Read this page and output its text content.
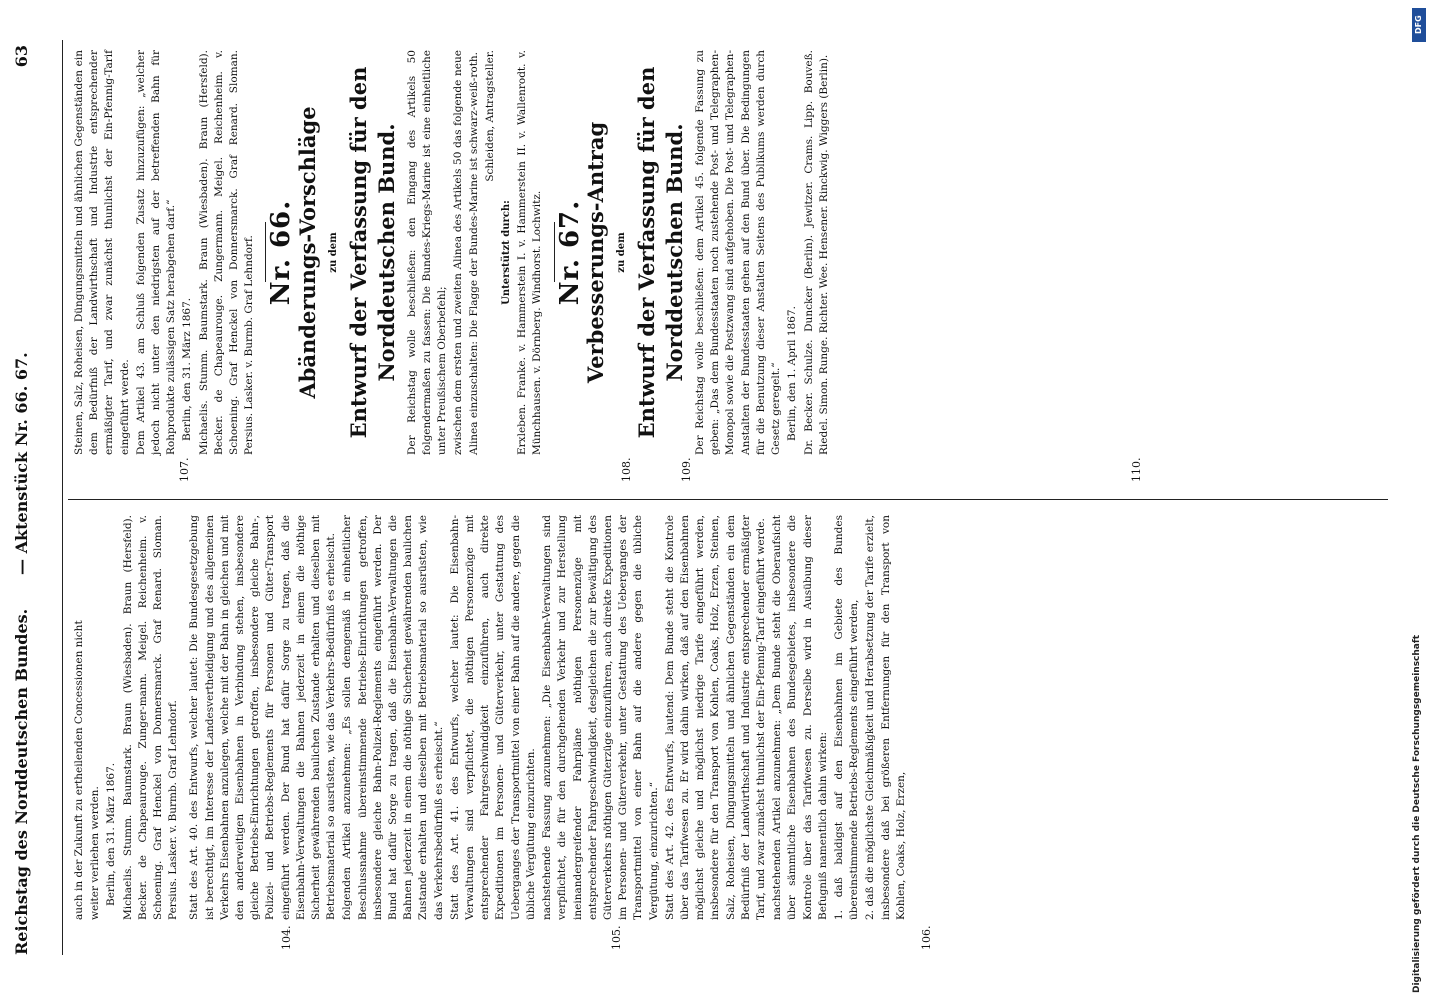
Reichstag des Norddeutschen Bundes.
— Aktenstück Nr. 66. 67.
63

auch in der Zukunft zu ertheilenden Concessionen nicht weiter verliehen werden. Berlin, den 31. März 1867. Michaelis. Stumm. Baumstark. Braun (Wiesbaden). Braun (Hersfeld). Becker. de Chapeaurouge. Zunger-mann. Meigel. Reichenheim. v. Schoening. Graf Henckel von Donnersmarck. Graf Renard. Sloman. Persius. Lasker. v. Burmb. Graf Lehndorf. Statt des Art. 40. des Entwurfs, welcher lautet: Die Bundesgesetzgebung ist berechtigt, im Interesse der Landesvertheidigung und des allgemeinen Verkehrs Eisenbahnen anzulegen, welche mit der Bahn in gleichen und mit den anderweitigen Eisenbahnen in Verbindung stehen, insbesondere gleiche Betriebs-Einrichtungen getroffen, insbesondere gleiche Bahn-, Polizei- und Betriebs-Reglements für Personen und Güter-Transport eingeführt werden. Der Bund hat dafür Sorge zu tragen, daß die Eisenbahn-Verwaltungen die Bahnen jederzeit in einem die nöthige Sicherheit gewährenden baulichen Zustande erhalten und dieselben mit Betriebsmaterial so ausrüsten, wie das Verkehrs-Bedürfniß es erheischt. folgenden Artikel anzunehmen: „Es sollen demgemäß in einheitlicher Beschlussnahme übereinstimmende Betriebs-Einrichtungen getroffen, insbesondere gleiche Bahn-Polizei-Reglements eingeführt werden. Der Bund hat dafür Sorge zu tragen, daß die Eisenbahn-Verwaltungen die Bahnen jederzeit in einem die nöthige Sicherheit gewährenden baulichen Zustande erhalten und dieselben mit Betriebsmaterial so ausrüsten, wie das Verkehrsbedürfniß es erheischt.“ Statt des Art. 41. des Entwurfs, welcher lautet: Die Eisenbahn-Verwaltungen sind verpflichtet, die nöthigen Personenzüge mit entsprechender Fahrgeschwindigkeit einzuführen, auch direkte Expeditionen im Personen- und Güterverkehr, unter Gestattung des Ueberganges der Transportmittel von einer Bahn auf die andere, gegen die übliche Vergütung einzurichten. nachstehende Fassung anzunehmen: „Die Eisenbahn-Verwaltungen sind verpflichtet, die für den durchgehenden Verkehr und zur Herstellung ineinandergreifender Fahrpläne nöthigen Personenzüge mit entsprechender Fahrgeschwindigkeit, desgleichen die zur Bewältigung des Güterverkehrs nöthigen Güterzüge einzuführen, auch direkte Expeditionen im Personen- und Güterverkehr, unter Gestattung des Ueberganges der Transportmittel von einer Bahn auf die andere gegen die übliche Vergütung, einzurichten.“ Statt des Art. 42. des Entwurfs, lautend: Dem Bunde steht die Kontrole über das Tarifwesen zu. Er wird dahin wirken, daß auf den Eisenbahnen möglichst gleiche und möglichst niedrige Tarife eingeführt werden, insbesondere für den Transport von Kohlen, Coaks, Holz, Erzen, Steinen, Salz, Roheisen, Düngungsmitteln und ähnlichen Gegenständen ein dem Bedürfniß der Landwirthschaft und Industrie entsprechender ermäßigter Tarif, und zwar zunächst thunlichst der Ein-Pfennig-Tarif eingeführt werde. nachstehenden Artikel anzunehmen: „Dem Bunde steht die Oberaufsicht über sämmtliche Eisenbahnen des Bundesgebietes, insbesondere die Kontrole über das Tarifwesen zu. Derselbe wird in Ausübung dieser Befugniß namentlich dahin wirken: 1. daß baldigst auf den Eisenbahnen im Gebiete des Bundes übereinstimmende Betriebs-Reglements eingeführt werden, 2. daß die möglichste Gleichmäßigkeit und Herabsetzung der Tarife erzielt, insbesondere daß bei größeren Entfernungen für den Transport von Kohlen, Coaks, Holz, Erzen,

104.	105.	106.

Steinen, Salz, Roheisen, Düngungsmitteln und ähnlichen Gegenständen ein dem Bedürfniß der Landwirthschaft und Industrie entsprechender ermäßigter Tarif, und zwar zunächst thunlichst der Ein-Pfennig-Tarif eingeführt werde. Dem Artikel 43. am Schluß folgenden Zusatz hinzuzufügen: „welcher jedoch nicht unter den niedrigsten auf der betreffenden Bahn für Rohprodukte zulässigen Satz herabgehen darf.“ Berlin, den 31. März 1867. Michaelis. Stumm. Baumstark. Braun (Wiesbaden). Braun (Hersfeld). Becker. de Chapeaurouge. Zungermann. Meigel. Reichenheim. v. Schoening. Graf Henckel von Donnersmarck. Graf Renard. Sloman. Persius. Lasker. v. Burmb. Graf Lehndorf. Nr. 66.
Abänderungs-Vorschläge zu dem Entwurf der Verfassung für den Norddeutschen Bund. Der Reichstag wolle beschließen: den Eingang des Artikels 50 folgendermaßen zu fassen: Die Bundes-Kriegs-Marine ist eine einheitliche unter Preußischem Oberbefehl; zwischen dem ersten und zweiten Alinea des Artikels 50 das folgende neue Alinea einzuschalten: Die Flagge der Bundes-Marine ist schwarz-weiß-roth. Schleiden, Antragsteller.

Unterstützt durch: Erxleben. Franke. v. Hammerstein I. v. Hammerstein II. v. Wallenrodt. v. Münchhausen. v. Dörnberg. Windhorst. Lochwitz. Nr. 67.
Verbesserungs-Antrag zu dem Entwurf der Verfassung für den Norddeutschen Bund. Der Reichstag wolle beschließen: dem Artikel 45. folgende Fassung zu geben: „Das dem Bundesstaaten noch zustehende Post- und Telegraphen-Monopol sowie die Postzwang sind aufgehoben. Die Post- und Telegraphen-Anstalten der Bundesstaaten gehen auf den Bund über. Die Bedingungen für die Benutzung dieser Anstalten Seitens des Publikums werden durch Gesetz geregelt.“ Berlin, den 1. April 1867. Dr. Becker. Schulze. Duncker (Berlin). Jewitzer. Crams. Lipp. Bouveß. Riedel. Simon. Runge. Richter. Wee. Hensener. Rinckwig. Wiggers (Berlin).

107.	108.	109.	110.
DFG
Digitalisierung gefördert durch die Deutsche Forschungsgemeinschaft
